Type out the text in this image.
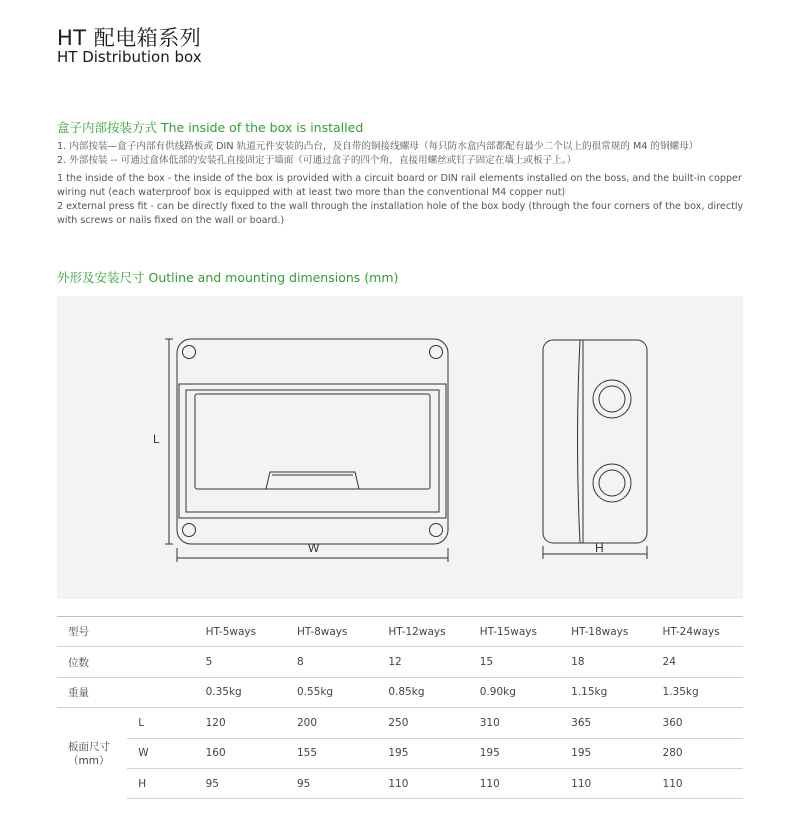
HT 配电箱系列
HT Distribution box
盒子内部按装方式 The inside of the box is installed
1. 内部按装—盒子内部有供线路板或 DIN 轨道元件安装的凸台，及自带的铜接线螺母（每只防水盒内部都配有最少二个以上的很常规的 M4 的铜螺母）
2. 外部按装 -- 可通过盒体低部的安装孔直接固定于墙面（可通过盒子的四个角，直接用螺丝或钉子固定在墙上或板子上。）
1 the inside of the box - the inside of the box is provided with a circuit board or DIN rail elements installed on the boss, and the built-in copper wiring nut (each waterproof box is equipped with at least two more than the conventional M4 copper nut)
2 external press fit - can be directly fixed to the wall through the installation hole of the box body (through the four corners of the box, directly with screws or nails fixed on the wall or board.)
外形及安装尺寸 Outline and mounting dimensions (mm)
L
W	H
型号		HT-5ways	HT-8ways	HT-12ways	HT-15ways	HT-18ways	HT-24ways
位数		5	8	12	15	18	24
重量		0.35kg	0.55kg	0.85kg	0.90kg	1.15kg	1.35kg

板面尺寸
（mm）	L	120	200	250	310	365	360
	W	160	155	195	195	195	280
	H	95	95	110	110	110	110
